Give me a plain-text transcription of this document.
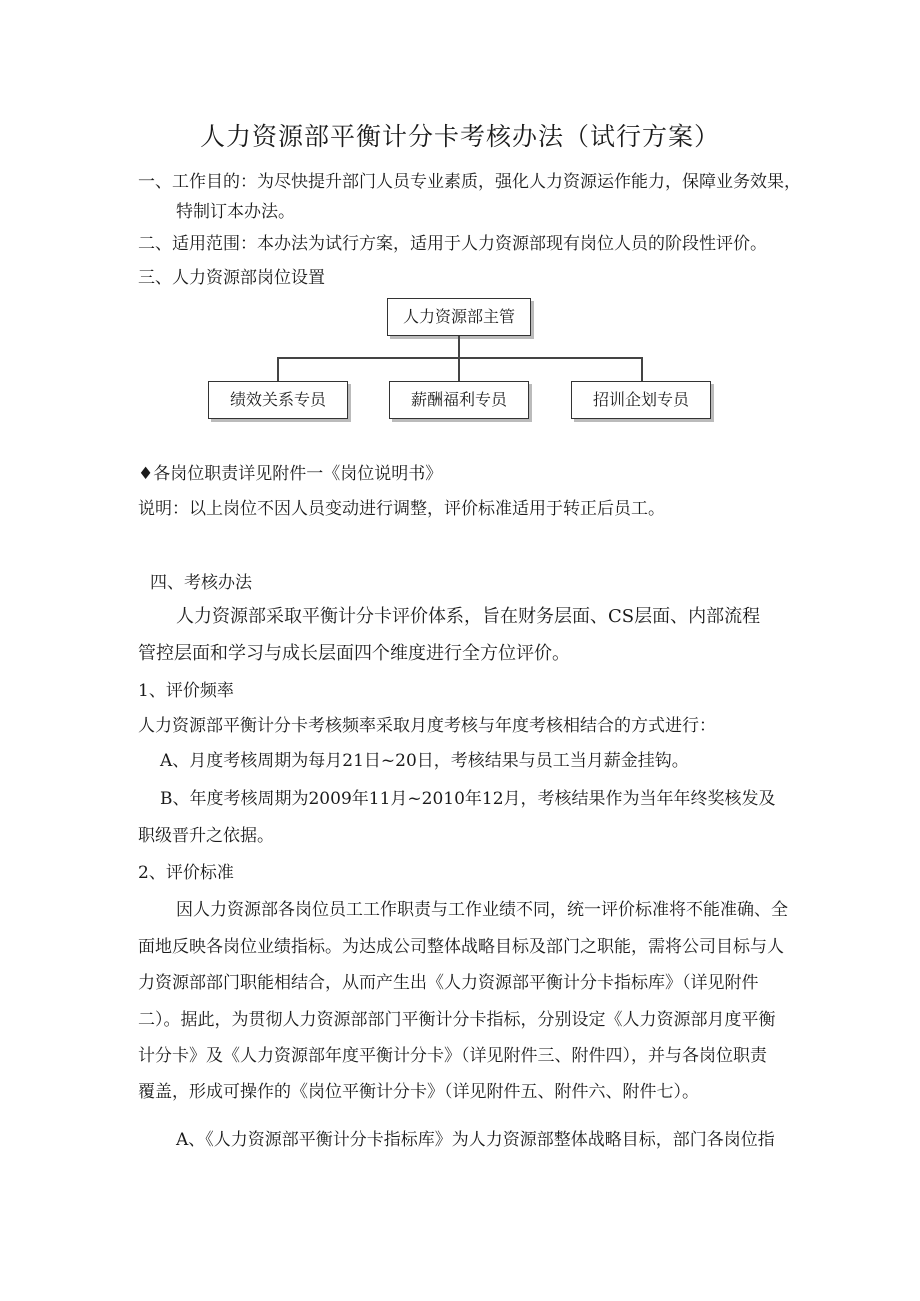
人力资源部平衡计分卡考核办法（试行方案）
一、工作目的：为尽快提升部门人员专业素质，强化人力资源运作能力，保障业务效果，
特制订本办法。
二、适用范围：本办法为试行方案，适用于人力资源部现有岗位人员的阶段性评价。
三、人力资源部岗位设置
人力资源部主管
绩效关系专员	薪酬福利专员	招训企划专员
♦各岗位职责详见附件一《岗位说明书》
说明：以上岗位不因人员变动进行调整，评价标准适用于转正后员工。
四、考核办法
人力资源部采取平衡计分卡评价体系，旨在财务层面、CS层面、内部流程
管控层面和学习与成长层面四个维度进行全方位评价。
1、评价频率
人力资源部平衡计分卡考核频率采取月度考核与年度考核相结合的方式进行：
A、月度考核周期为每月21日~20日，考核结果与员工当月薪金挂钩。
B、年度考核周期为2009年11月~2010年12月，考核结果作为当年年终奖核发及
职级晋升之依据。
2、评价标准
因人力资源部各岗位员工工作职责与工作业绩不同，统一评价标准将不能准确、全
面地反映各岗位业绩指标。为达成公司整体战略目标及部门之职能，需将公司目标与人
力资源部部门职能相结合，从而产生出《人力资源部平衡计分卡指标库》（详见附件
二）。据此，为贯彻人力资源部部门平衡计分卡指标，分别设定《人力资源部月度平衡
计分卡》及《人力资源部年度平衡计分卡》（详见附件三、附件四），并与各岗位职责
覆盖，形成可操作的《岗位平衡计分卡》（详见附件五、附件六、附件七）。
A、《人力资源部平衡计分卡指标库》为人力资源部整体战略目标，部门各岗位指
